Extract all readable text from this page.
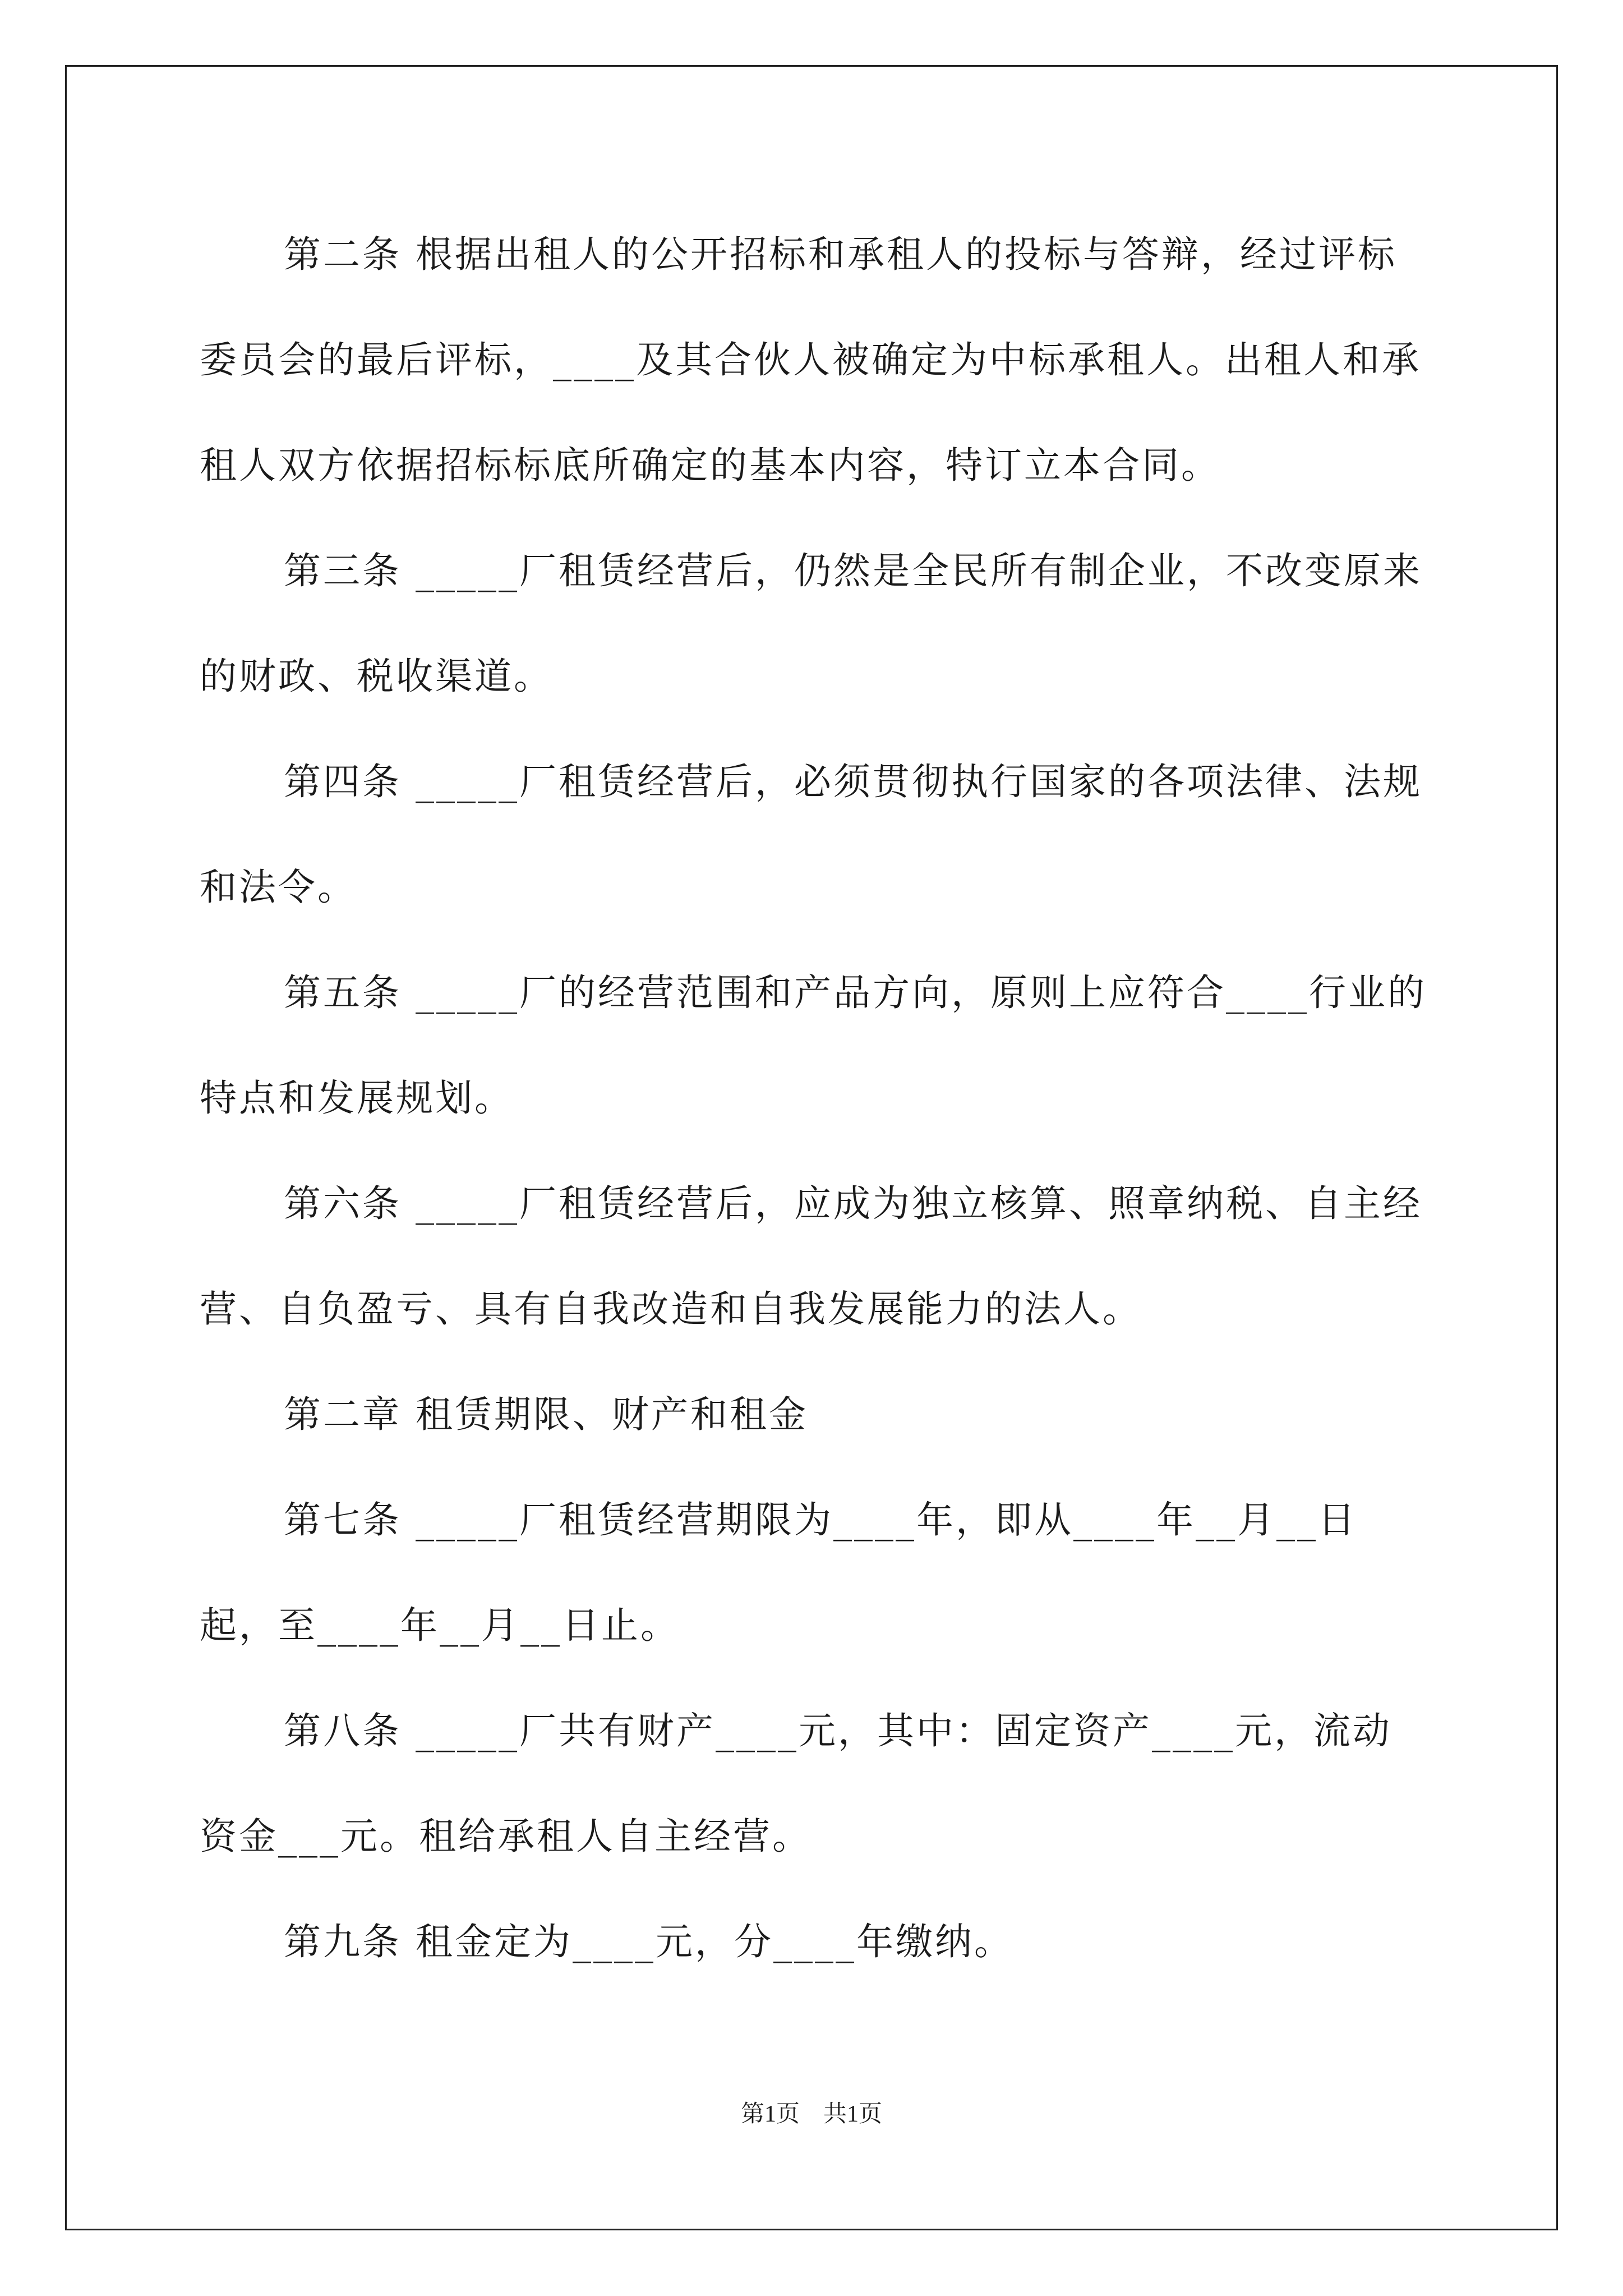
第二条 根据出租人的公开招标和承租人的投标与答辩，经过评标委员会的最后评标，____及其合伙人被确定为中标承租人。出租人和承租人双方依据招标标底所确定的基本内容，特订立本合同。

第三条 _____厂租赁经营后，仍然是全民所有制企业，不改变原来的财政、税收渠道。

第四条 _____厂租赁经营后，必须贯彻执行国家的各项法律、法规和法令。

第五条 _____厂的经营范围和产品方向，原则上应符合____行业的特点和发展规划。

第六条 _____厂租赁经营后，应成为独立核算、照章纳税、自主经营、自负盈亏、具有自我改造和自我发展能力的法人。

第二章 租赁期限、财产和租金

第七条 _____厂租赁经营期限为____年，即从____年__月__日起，至____年__月__日止。

第八条 _____厂共有财产____元，其中：固定资产____元，流动资金___元。租给承租人自主经营。

第九条 租金定为____元，分____年缴纳。

第1页　共1页
